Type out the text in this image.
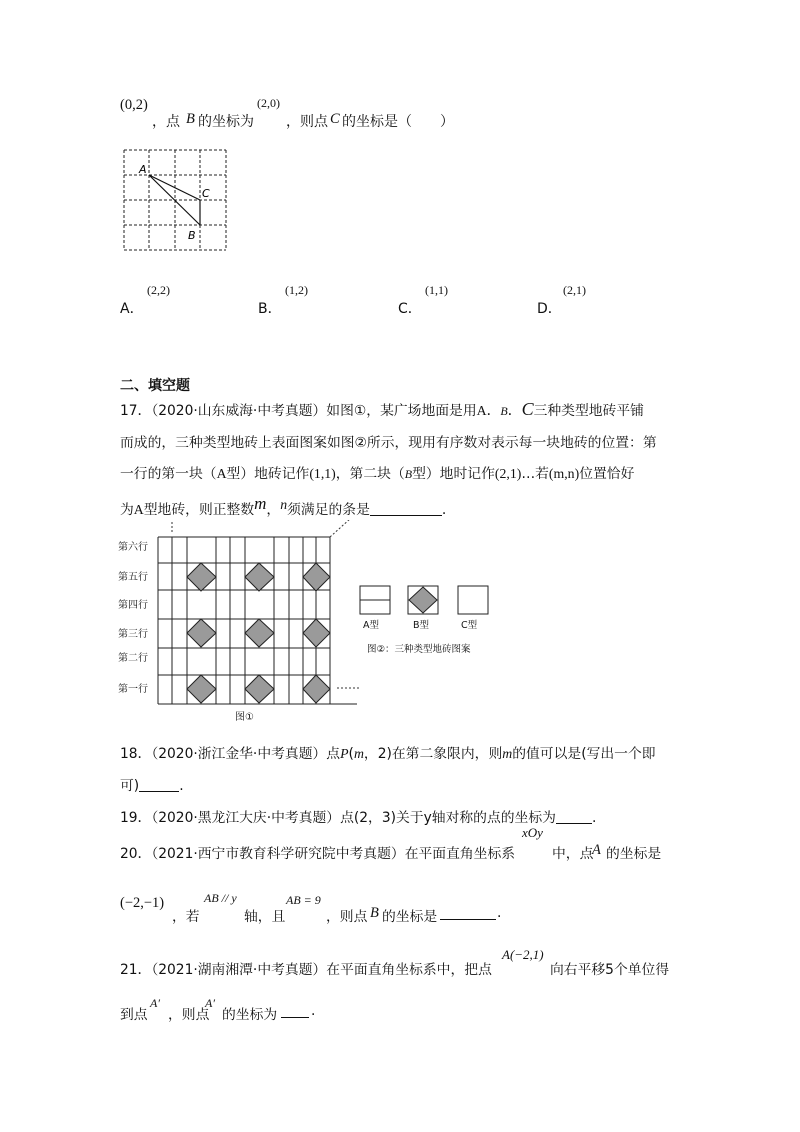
(0,2)
，点 B 的坐标为
(2,0)
，则点 C 的坐标是（　　）
A
C
B
A．
(2,2)
B．
(1,2)
C．
(1,1)
D．
(2,1)
二、填空题
17．（2020·山东威海·中考真题）如图①，某广场地面是用A．B．C三种类型地砖平铺
而成的，三种类型地砖上表面图案如图②所示，现用有序数对表示每一块地砖的位置：第
一行的第一块（A型）地砖记作(1,1)，第二块（B型）地时记作(2,1)…若(m,n)位置恰好
为A型地砖，则正整数m，n须满足的条是	.
第六行
第五行
第四行
第三行
第二行
第一行
图①
A型	B型	C型
图②：三种类型地砖图案
18．（2020·浙江金华·中考真题）点P(m，2)在第二象限内，则m的值可以是(写出一个即
可)	.
19．（2020·黑龙江大庆·中考真题）点(2，3)关于y轴对称的点的坐标为	.
20．（2021·西宁市教育科学研究院中考真题）在平面直角坐标系
xOy
中，点
A 的坐标是
(−2,−1)
，若
AB // y
轴，且
AB = 9
，则点 B 的坐标是	.
21．（2021·湖南湘潭·中考真题）在平面直角坐标系中，把点
A(−2,1)
向右平移5个单位得
到点
A′
，则点
A′
的坐标为 .
